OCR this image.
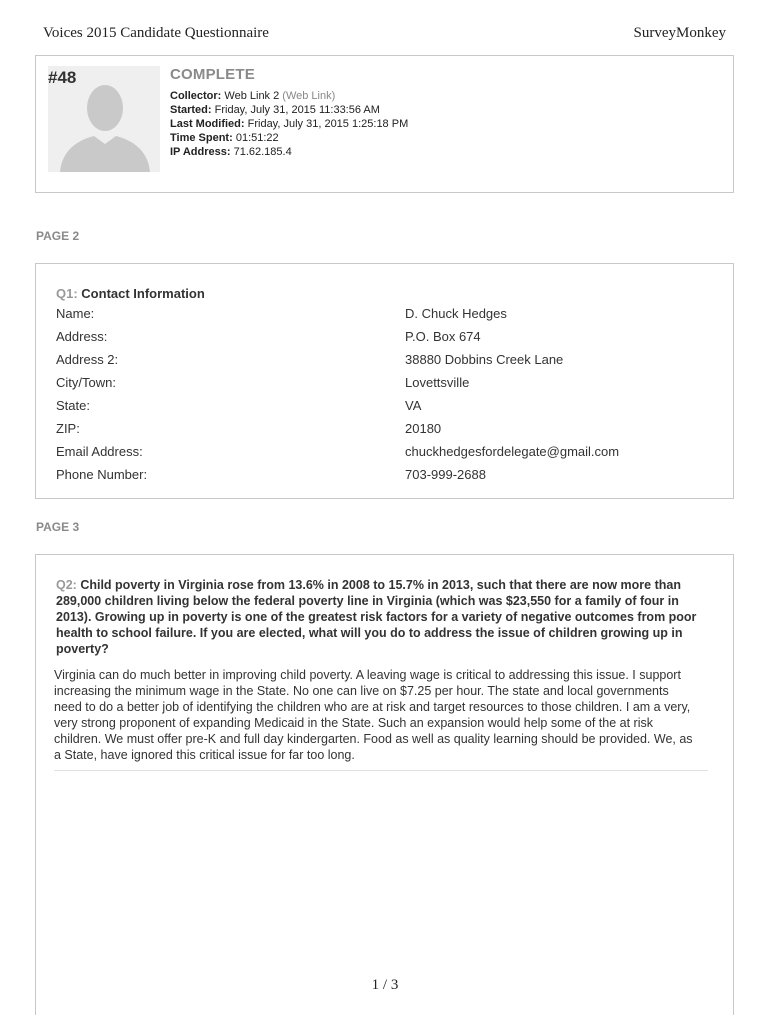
Voices 2015 Candidate Questionnaire	SurveyMonkey
#48	COMPLETE
Collector: Web Link 2 (Web Link)
Started: Friday, July 31, 2015 11:33:56 AM
Last Modified: Friday, July 31, 2015 1:25:18 PM
Time Spent: 01:51:22
IP Address: 71.62.185.4
PAGE 2
Q1: Contact Information
Name:	D. Chuck Hedges
Address:	P.O. Box 674
Address 2:	38880 Dobbins Creek Lane
City/Town:	Lovettsville
State:	VA
ZIP:	20180
Email Address:	chuckhedgesfordelegate@gmail.com
Phone Number:	703-999-2688
PAGE 3
Q2: Child poverty in Virginia rose from 13.6% in 2008 to 15.7% in 2013, such that there are now more than 289,000 children living below the federal poverty line in Virginia (which was $23,550 for a family of four in 2013). Growing up in poverty is one of the greatest risk factors for a variety of negative outcomes from poor health to school failure. If you are elected, what will you do to address the issue of children growing up in poverty?
Virginia can do much better in improving child poverty. A leaving wage is critical to addressing this issue. I support increasing the minimum wage in the State. No one can live on $7.25 per hour. The state and local governments need to do a better job of identifying the children who are at risk and target resources to those children. I am a very, very strong proponent of expanding Medicaid in the State. Such an expansion would help some of the at risk children. We must offer pre-K and full day kindergarten. Food as well as quality learning should be provided. We, as a State, have ignored this critical issue for far too long.
1 / 3
